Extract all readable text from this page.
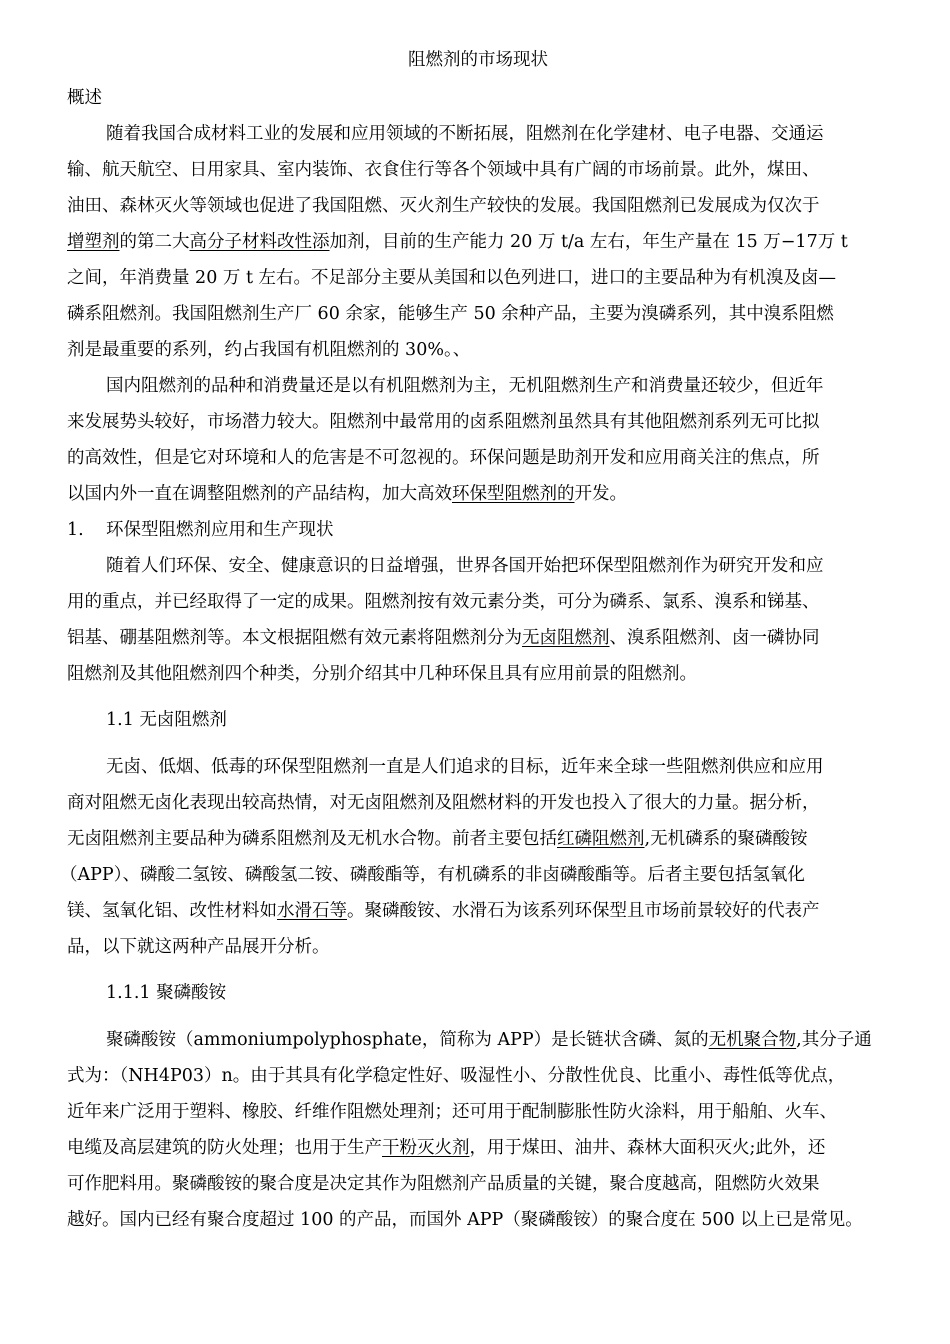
阻燃剂的市场现状
概述
随着我国合成材料工业的发展和应用领域的不断拓展，阻燃剂在化学建材、电子电器、交通运
输、航天航空、日用家具、室内装饰、衣食住行等各个领域中具有广阔的市场前景。此外，煤田、
油田、森林灭火等领域也促进了我国阻燃、灭火剂生产较快的发展。我国阻燃剂已发展成为仅次于
增塑剂的第二大高分子材料改性添加剂，目前的生产能力 20 万 t/a 左右，年生产量在 15 万−17万 t
之间，年消费量 20 万 t 左右。不足部分主要从美国和以色列进口，进口的主要品种为有机溴及卤—
磷系阻燃剂。我国阻燃剂生产厂 60 余家，能够生产 50 余种产品，主要为溴磷系列，其中溴系阻燃
剂是最重要的系列，约占我国有机阻燃剂的 30%。、
国内阻燃剂的品种和消费量还是以有机阻燃剂为主，无机阻燃剂生产和消费量还较少，但近年
来发展势头较好，市场潜力较大。阻燃剂中最常用的卤系阻燃剂虽然具有其他阻燃剂系列无可比拟
的高效性，但是它对环境和人的危害是不可忽视的。环保问题是助剂开发和应用商关注的焦点，所
以国内外一直在调整阻燃剂的产品结构，加大高效环保型阻燃剂的开发。
1.    环保型阻燃剂应用和生产现状
随着人们环保、安全、健康意识的日益增强，世界各国开始把环保型阻燃剂作为研究开发和应
用的重点，并已经取得了一定的成果。阻燃剂按有效元素分类，可分为磷系、氯系、溴系和锑基、
铝基、硼基阻燃剂等。本文根据阻燃有效元素将阻燃剂分为无卤阻燃剂、溴系阻燃剂、卤一磷协同
阻燃剂及其他阻燃剂四个种类，分别介绍其中几种环保且具有应用前景的阻燃剂。
1.1 无卤阻燃剂
无卤、低烟、低毒的环保型阻燃剂一直是人们追求的目标，近年来全球一些阻燃剂供应和应用
商对阻燃无卤化表现出较高热情，对无卤阻燃剂及阻燃材料的开发也投入了很大的力量。据分析，
无卤阻燃剂主要品种为磷系阻燃剂及无机水合物。前者主要包括红磷阻燃剂,无机磷系的聚磷酸铵
（APP）、磷酸二氢铵、磷酸氢二铵、磷酸酯等，有机磷系的非卤磷酸酯等。后者主要包括氢氧化
镁、氢氧化铝、改性材料如水滑石等。聚磷酸铵、水滑石为该系列环保型且市场前景较好的代表产
品，以下就这两种产品展开分析。
1.1.1 聚磷酸铵
聚磷酸铵（ammoniumpolyphosphate，简称为 APP）是长链状含磷、氮的无机聚合物,其分子通
式为：（NH4P03）n。由于其具有化学稳定性好、吸湿性小、分散性优良、比重小、毒性低等优点，
近年来广泛用于塑料、橡胶、纤维作阻燃处理剂；还可用于配制膨胀性防火涂料，用于船舶、火车、
电缆及高层建筑的防火处理；也用于生产干粉灭火剂，用于煤田、油井、森林大面积灭火;此外，还
可作肥料用。聚磷酸铵的聚合度是决定其作为阻燃剂产品质量的关键，聚合度越高，阻燃防火效果
越好。国内已经有聚合度超过 100 的产品，而国外 APP（聚磷酸铵）的聚合度在 500 以上已是常见。
